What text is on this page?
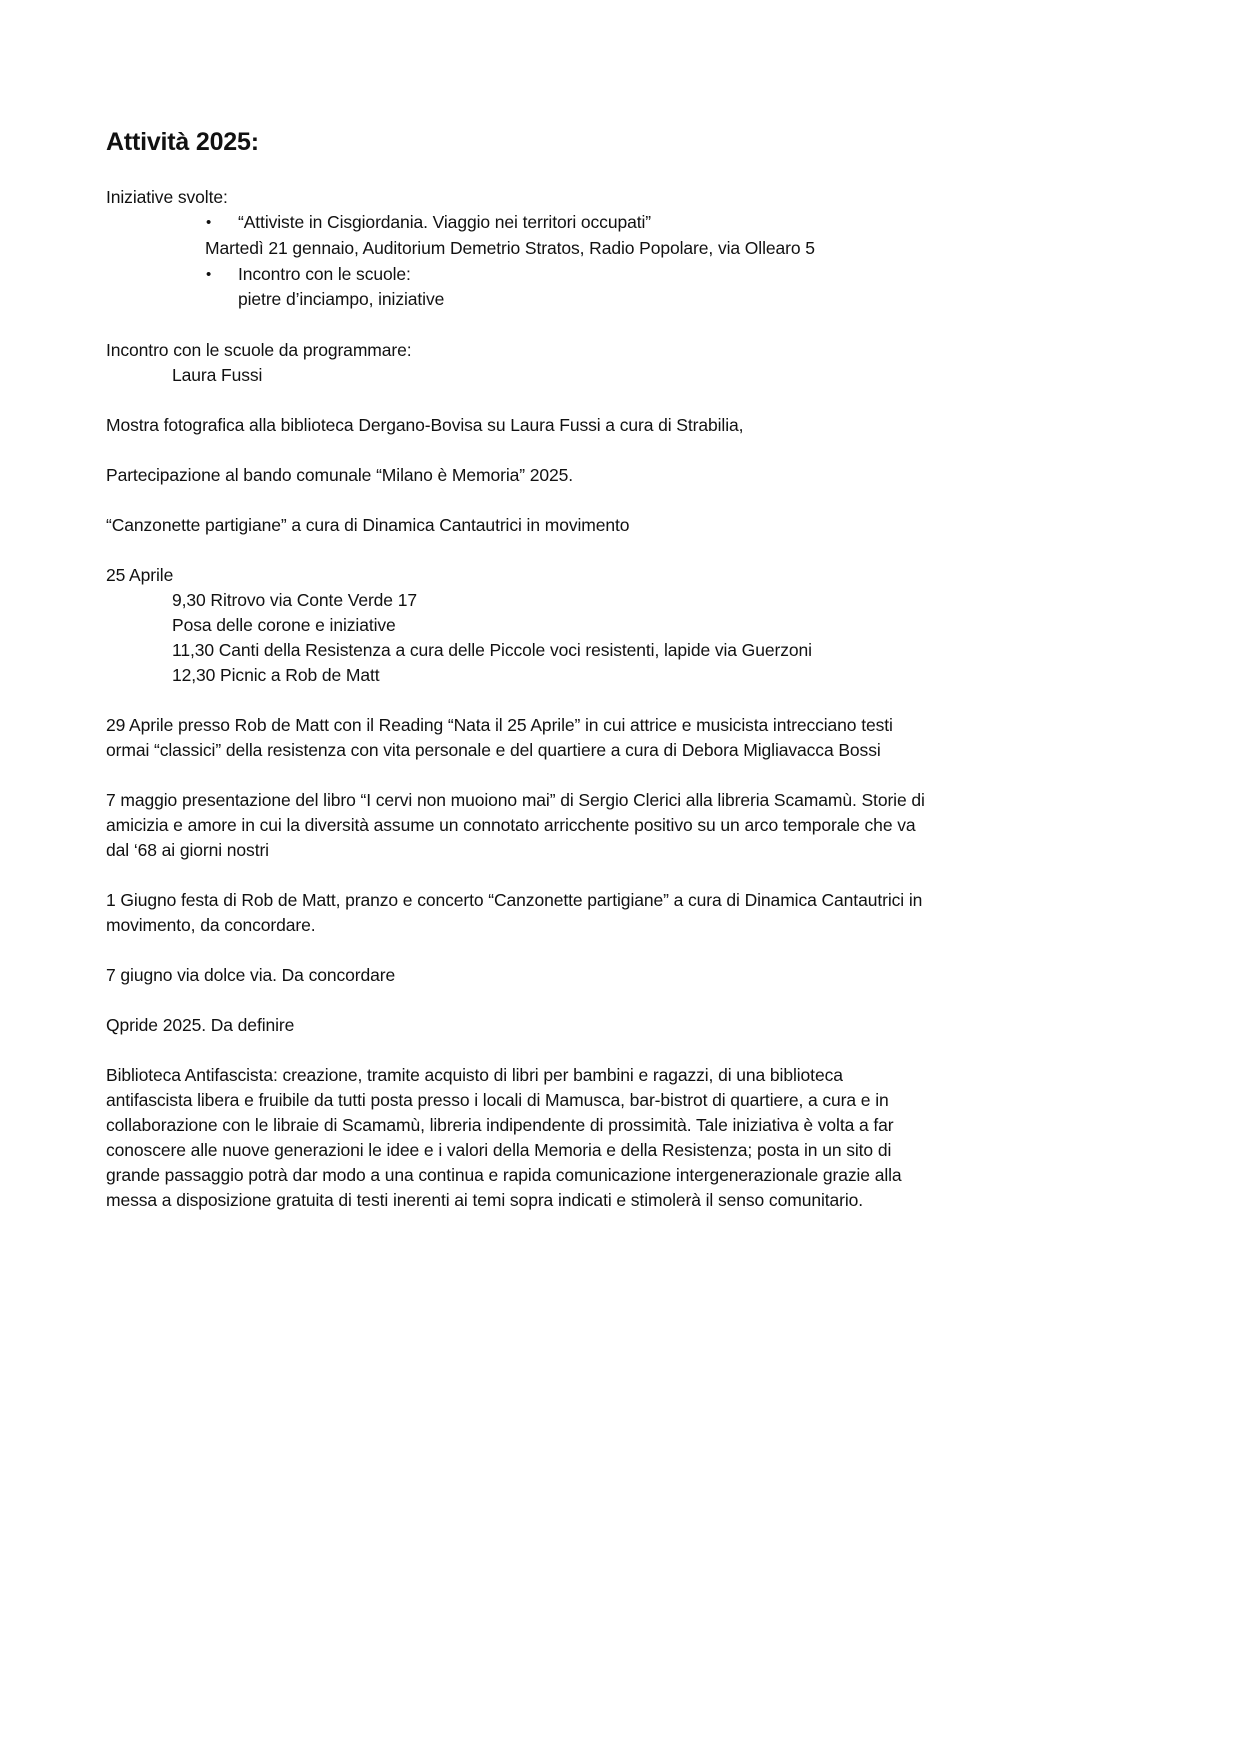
Attività 2025:
Iniziative svolte:
• “Attiviste in Cisgiordania. Viaggio nei territori occupati”
Martedì 21 gennaio, Auditorium Demetrio Stratos, Radio Popolare, via Ollearo 5
• Incontro con le scuole:
pietre d’inciampo, iniziative
Incontro con le scuole da programmare:
Laura Fussi
Mostra fotografica alla biblioteca Dergano-Bovisa su Laura Fussi a cura di Strabilia,
Partecipazione al bando comunale “Milano è Memoria” 2025.
“Canzonette partigiane” a cura di Dinamica Cantautrici in movimento
25 Aprile
9,30 Ritrovo via Conte Verde 17
Posa delle corone e iniziative
11,30 Canti della Resistenza a cura delle Piccole voci resistenti, lapide via Guerzoni
12,30 Picnic a Rob de Matt
29 Aprile presso Rob de Matt con il Reading “Nata il 25 Aprile” in cui attrice e musicista intrecciano testi
ormai “classici” della resistenza con vita personale e del quartiere a cura di Debora Migliavacca Bossi
7 maggio presentazione del libro “I cervi non muoiono mai” di Sergio Clerici alla libreria Scamamù. Storie di
amicizia e amore in cui la diversità assume un connotato arricchente positivo su un arco temporale che va
dal ‘68 ai giorni nostri
1 Giugno festa di Rob de Matt, pranzo e concerto “Canzonette partigiane” a cura di Dinamica Cantautrici in
movimento, da concordare.
7 giugno via dolce via. Da concordare
Qpride 2025. Da definire
Biblioteca Antifascista: creazione, tramite acquisto di libri per bambini e ragazzi, di una biblioteca
antifascista libera e fruibile da tutti posta presso i locali di Mamusca, bar-bistrot di quartiere, a cura e in
collaborazione con le libraie di Scamamù, libreria indipendente di prossimità. Tale iniziativa è volta a far
conoscere alle nuove generazioni le idee e i valori della Memoria e della Resistenza; posta in un sito di
grande passaggio potrà dar modo a una continua e rapida comunicazione intergenerazionale grazie alla
messa a disposizione gratuita di testi inerenti ai temi sopra indicati e stimolerà il senso comunitario.
